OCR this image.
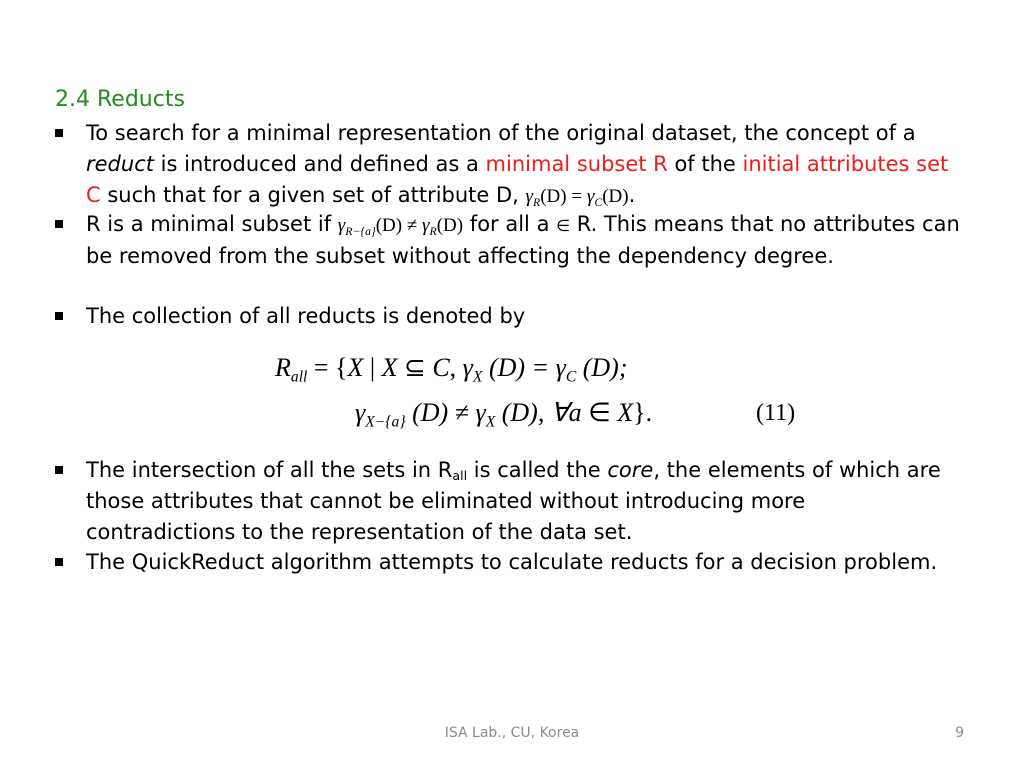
2.4 Reducts
To search for a minimal representation of the original dataset, the concept of a reduct is introduced and defined as a minimal subset R of the initial attributes set C such that for a given set of attribute D, $\gamma_R(D) = \gamma_C(D)$.
R is a minimal subset if $\gamma_{R-\{a\}}(D) \ne \gamma_R(D)$ for all a ∈ R. This means that no attributes can be removed from the subset without affecting the dependency degree.
The collection of all reducts is denoted by
$R_{all} = \{X$ | X ⊆ C, $\gamma_X$ $(D) = \gamma_C$ (D);
$\gamma_{X-\{a\}}$ $(D) \ne \gamma_X$ (D), ∀a ∈ X}.	(11)
The intersection of all the sets in Rall is called the core, the elements of which are those attributes that cannot be eliminated without introducing more contradictions to the representation of the data set.
The QuickReduct algorithm attempts to calculate reducts for a decision problem.
ISA Lab., CU, Korea	9
